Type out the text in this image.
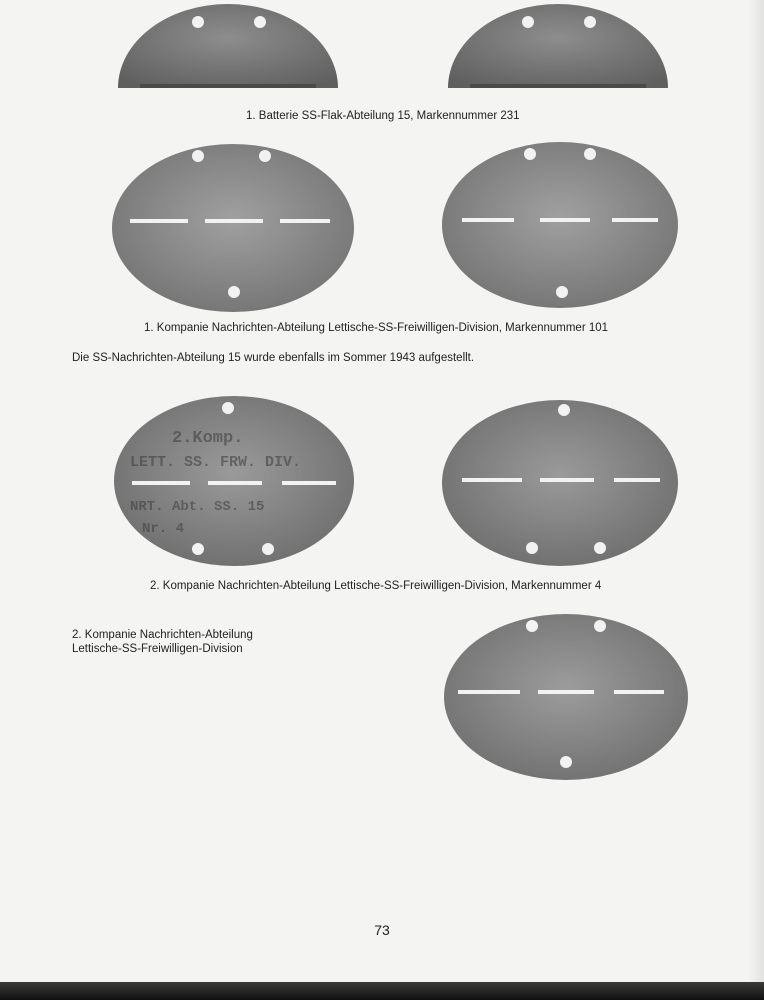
1. Batterie SS-Flak-Abteilung 15, Markennummer 231
1. Kompanie Nachrichten-Abteilung Lettische-SS-Freiwilligen-Division, Markennummer 101
Die SS-Nachrichten-Abteilung 15 wurde ebenfalls im Sommer 1943 aufgestellt.
2.Komp.
LETT. SS. FRW. DIV.
NRT. Abt. SS. 15
Nr. 4
2. Kompanie Nachrichten-Abteilung Lettische-SS-Freiwilligen-Division, Markennummer 4
2. Kompanie Nachrichten-Abteilung
Lettische-SS-Freiwilligen-Division
73
